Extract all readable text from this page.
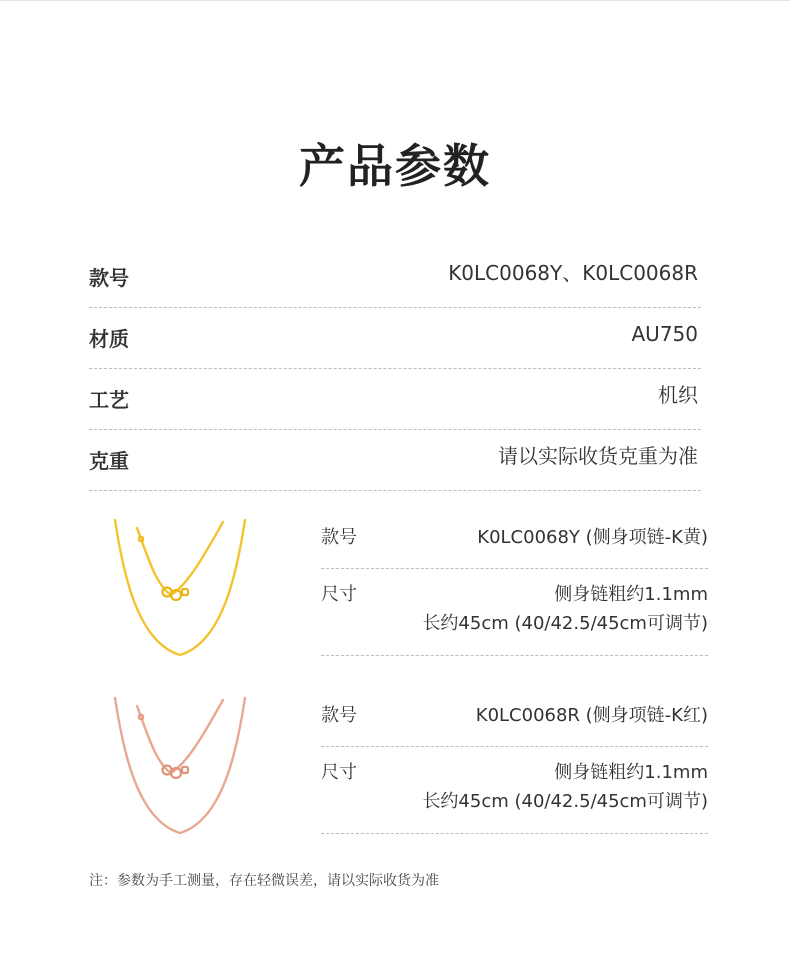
产品参数
款号	K0LC0068Y、K0LC0068R
材质	AU750
工艺	机织
克重	请以实际收货克重为准
款号	K0LC0068Y (侧身项链-K黄)
尺寸	侧身链粗约1.1mm
长约45cm (40/42.5/45cm可调节)
款号	K0LC0068R (侧身项链-K红)
尺寸	侧身链粗约1.1mm
长约45cm (40/42.5/45cm可调节)
注：参数为手工测量，存在轻微误差，请以实际收货为准
